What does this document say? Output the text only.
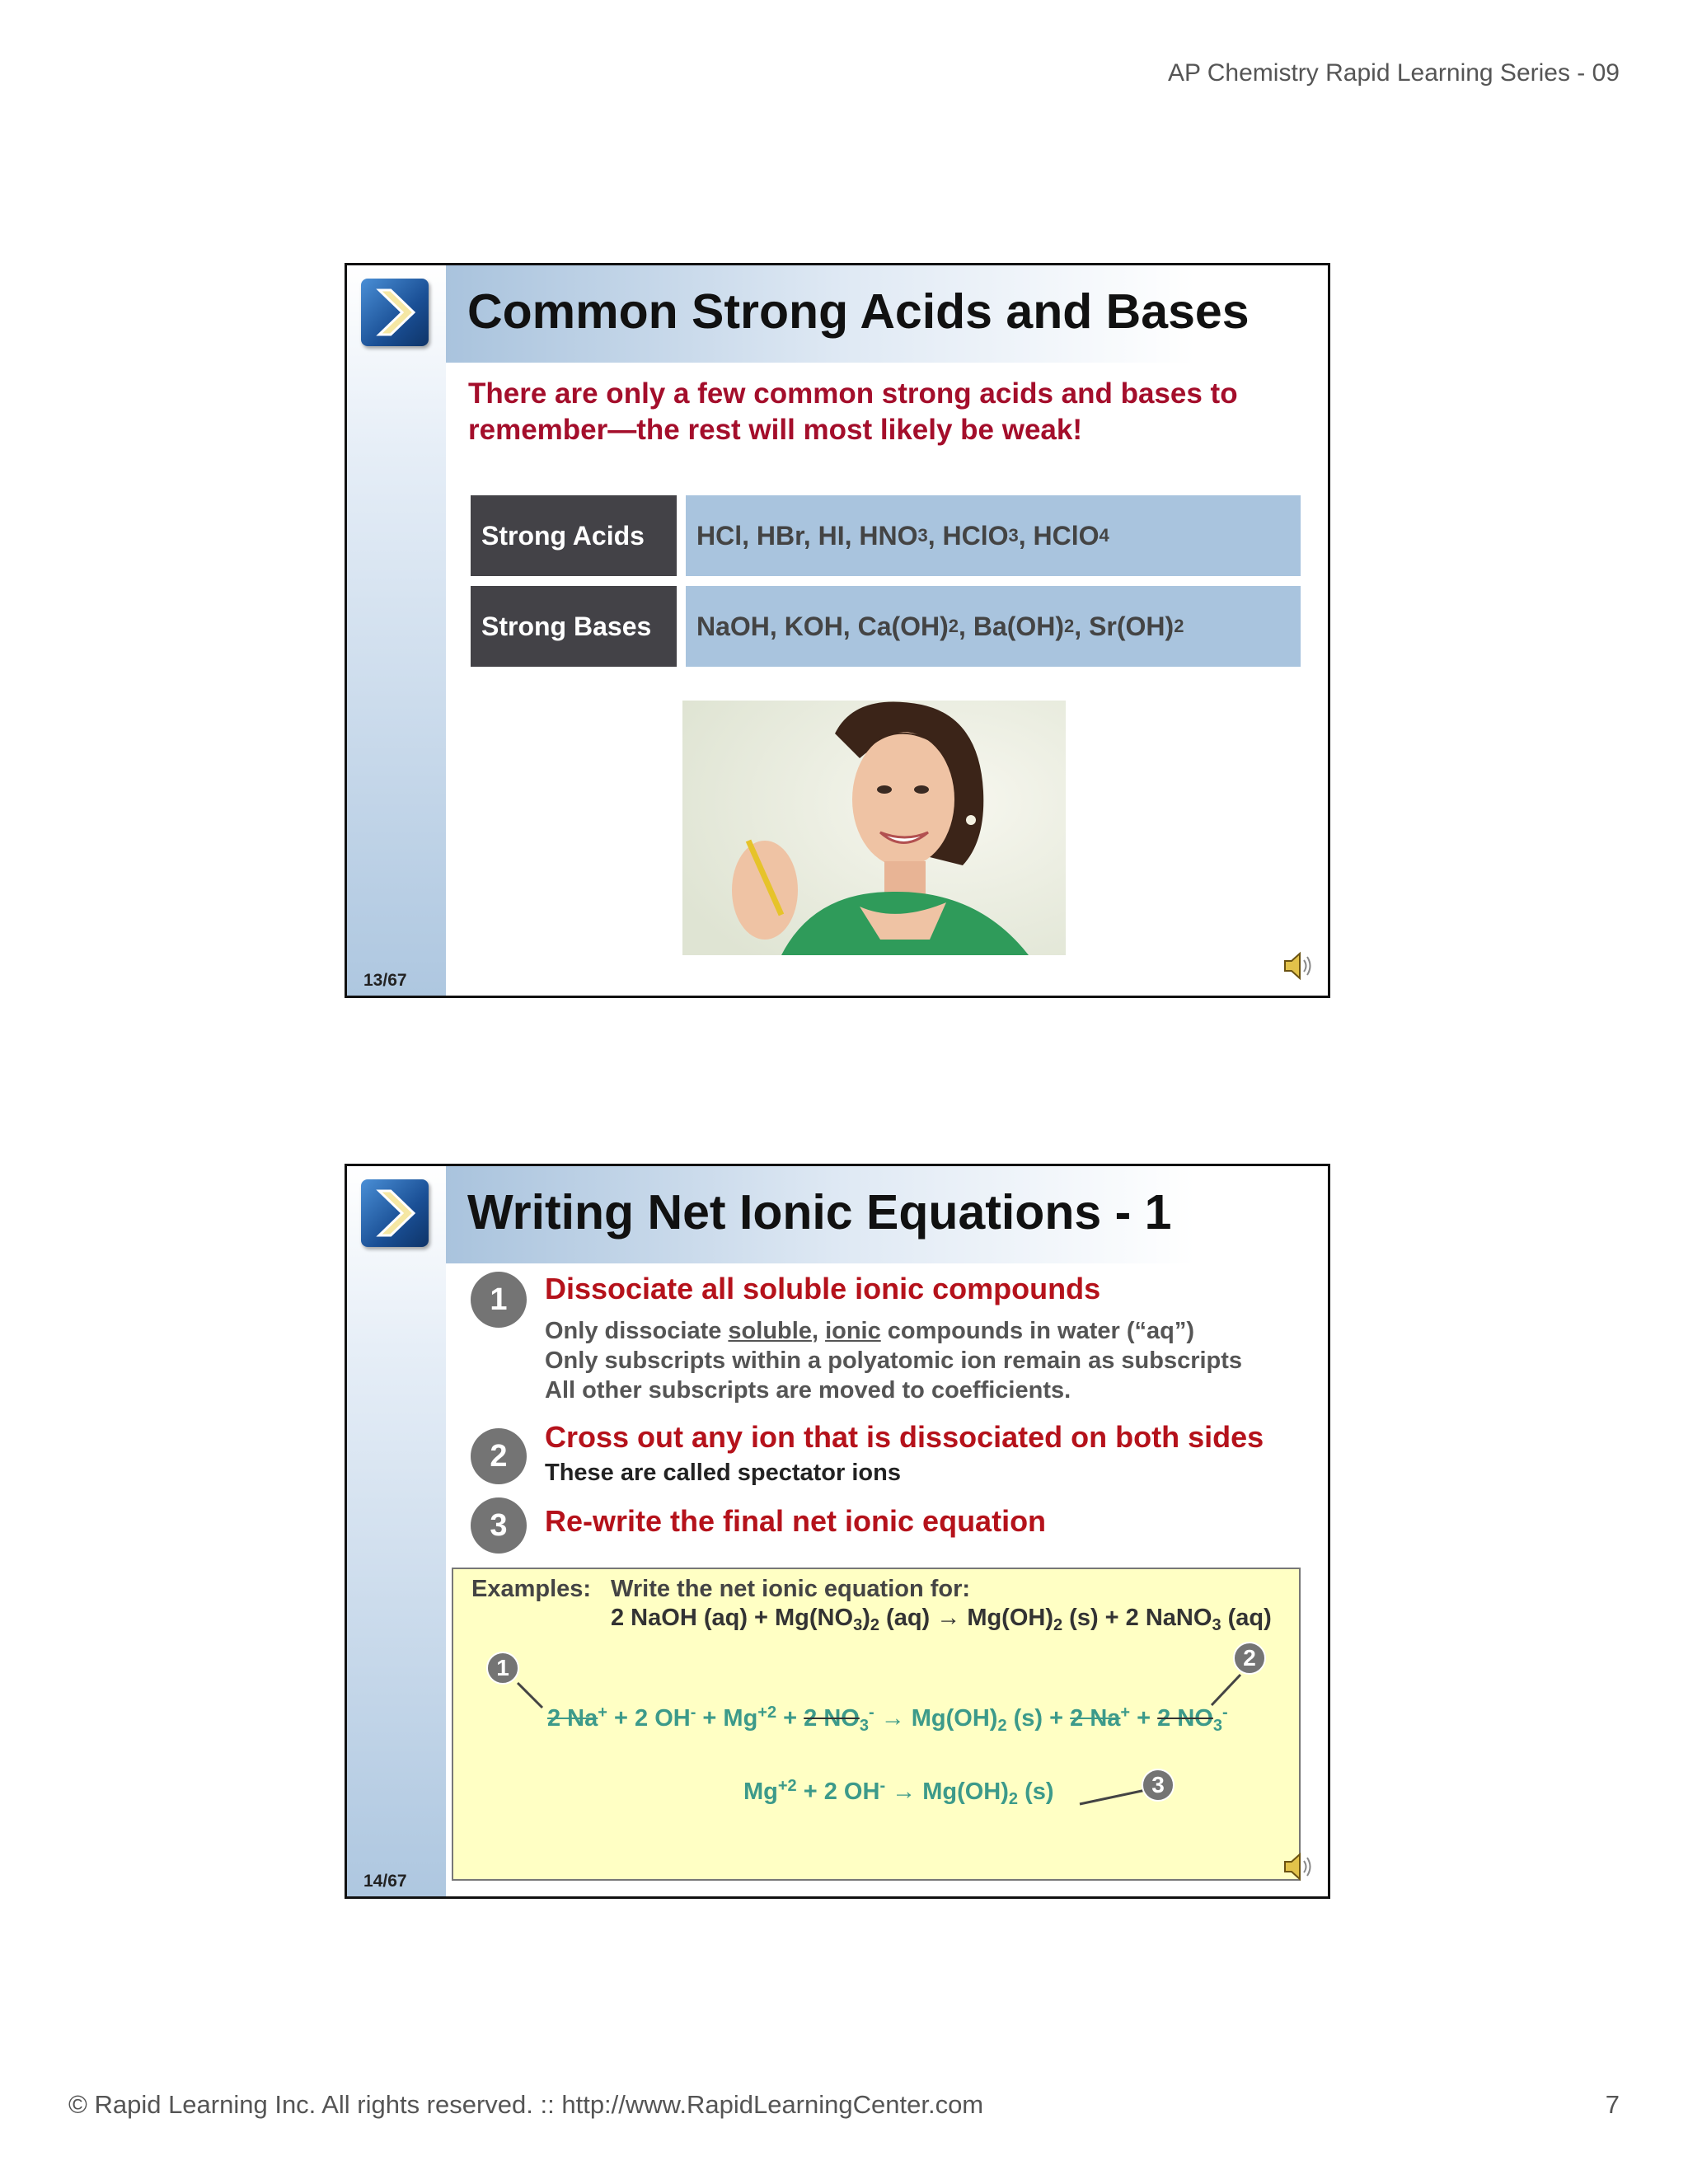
AP Chemistry Rapid Learning Series - 09
Common Strong Acids and Bases
There are only a few common strong acids and bases to
remember—the rest will most likely be weak!
Strong Acids	HCl, HBr, HI, HNO 3 , HClO 3 , HClO 4
Strong Bases	NaOH, KOH, Ca(OH) 2 , Ba(OH) 2 , Sr(OH) 2
13/67
Writing Net Ionic Equations - 1
1	Dissociate all soluble ionic compounds
Only dissociate soluble, ionic compounds in water (“aq”)
Only subscripts within a polyatomic ion remain as subscripts
All other subscripts are moved to coefficients.
2
Cross out any ion that is dissociated on both sides
These are called spectator ions
3	Re-write the final net ionic equation
Examples: Write the net ionic equation for:
2 NaOH $(aq) + Mg(NO_3)_2$ $(aq) \to Mg(OH)_2$ (s) + 2 NaNO$_3$ (aq)
2 Na+ + 2 $OH^- + Mg^{+2} + 2$ $NO_3^- \to Mg(OH)_2$ (s) + 2 Na+ + 2 $NO_3^-$
$Mg^{+2} + 2$ $OH^- \to Mg(OH)_2$ (s)
1	2
3
14/67
© Rapid Learning Inc. All rights reserved. :: http://www.RapidLearningCenter.com	7
